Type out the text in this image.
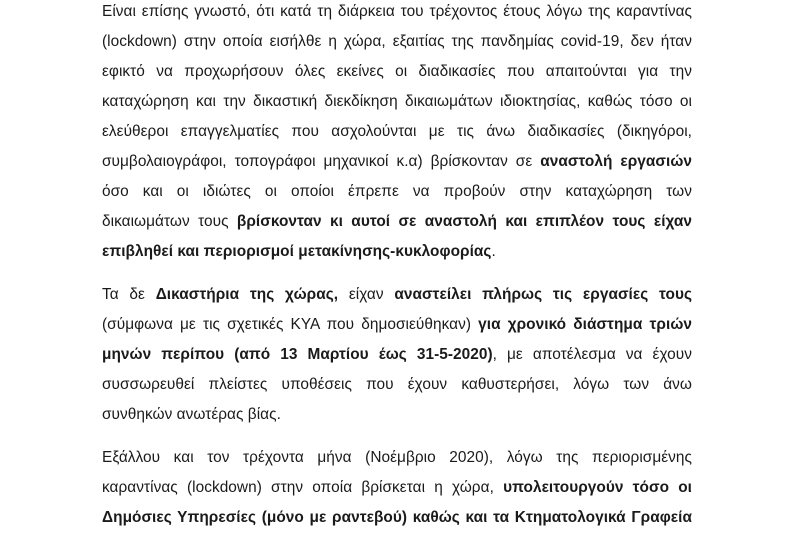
Είναι επίσης γνωστό, ότι κατά τη διάρκεια του τρέχοντος έτους λόγω της καραντίνας
(lockdown) στην οποία εισήλθε η χώρα, εξαιτίας της πανδημίας covid-19, δεν ήταν
εφικτό να προχωρήσουν όλες εκείνες οι διαδικασίες που απαιτούνται για την
καταχώρηση και την δικαστική διεκδίκηση δικαιωμάτων ιδιοκτησίας, καθώς τόσο οι
ελεύθεροι επαγγελματίες που ασχολούνται με τις άνω διαδικασίες (δικηγόροι,
συμβολαιογράφοι, τοπογράφοι μηχανικοί κ.α) βρίσκονταν σε αναστολή εργασιών
όσο και οι ιδιώτες οι οποίοι έπρεπε να προβούν στην καταχώρηση των
δικαιωμάτων τους βρίσκονταν κι αυτοί σε αναστολή και επιπλέον τους είχαν
επιβληθεί και περιορισμοί μετακίνησης-κυκλοφορίας.
Τα δε Δικαστήρια της χώρας, είχαν αναστείλει πλήρως τις εργασίες τους
(σύμφωνα με τις σχετικές ΚΥΑ που δημοσιεύθηκαν) για χρονικό διάστημα τριών
μηνών περίπου (από 13 Μαρτίου έως 31-5-2020), με αποτέλεσμα να έχουν
συσσωρευθεί πλείστες υποθέσεις που έχουν καθυστερήσει, λόγω των άνω
συνθηκών ανωτέρας βίας.
Εξάλλου και τον τρέχοντα μήνα (Νοέμβριο 2020), λόγω της περιορισμένης
καραντίνας (lockdown) στην οποία βρίσκεται η χώρα, υπολειτουργούν τόσο οι
Δημόσιες Υπηρεσίες (μόνο με ραντεβού) καθώς και τα Κτηματολογικά Γραφεία
